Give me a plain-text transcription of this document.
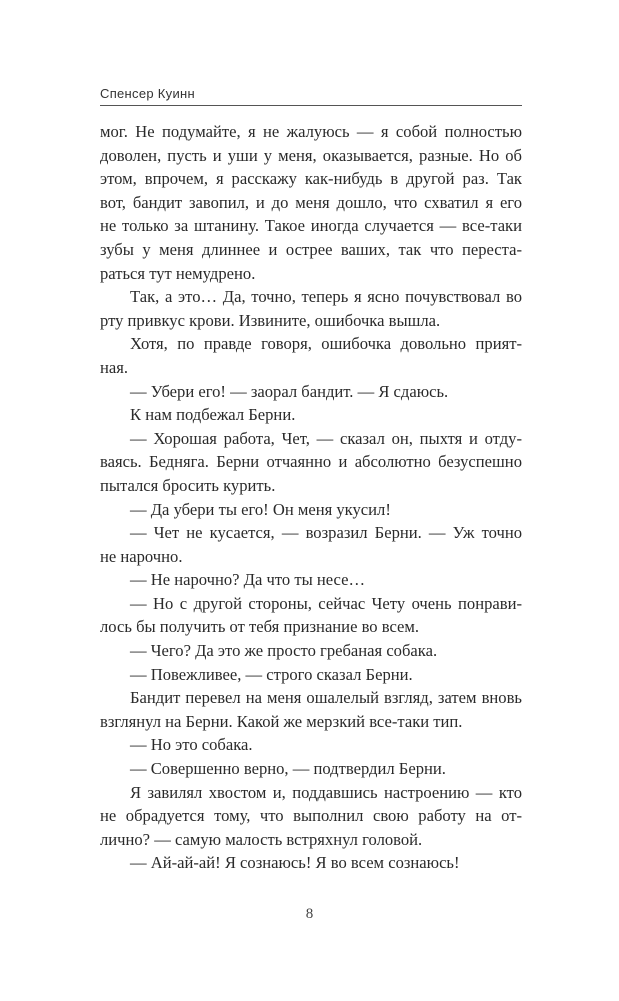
Спенсер Куинн
мог. Не подумайте, я не жалуюсь — я собой полностью
доволен, пусть и уши у меня, оказывается, разные. Но об
этом, впрочем, я расскажу как-нибудь в другой раз. Так
вот, бандит завопил, и до меня дошло, что схватил я его
не только за штанину. Такое иногда случается — все-таки
зубы у меня длиннее и острее ваших, так что переста-
раться тут немудрено.
Так, а это… Да, точно, теперь я ясно почувствовал во
рту привкус крови. Извините, ошибочка вышла.
Хотя, по правде говоря, ошибочка довольно прият-
ная.
— Убери его! — заорал бандит. — Я сдаюсь.
К нам подбежал Берни.
— Хорошая работа, Чет, — сказал он, пыхтя и отду-
ваясь. Бедняга. Берни отчаянно и абсолютно безуспешно
пытался бросить курить.
— Да убери ты его! Он меня укусил!
— Чет не кусается, — возразил Берни. — Уж точно
не нарочно.
— Не нарочно? Да что ты несе…
— Но с другой стороны, сейчас Чету очень понрави-
лось бы получить от тебя признание во всем.
— Чего? Да это же просто гребаная собака.
— Повежливее, — строго сказал Берни.
Бандит перевел на меня ошалелый взгляд, затем вновь
взглянул на Берни. Какой же мерзкий все-таки тип.
— Но это собака.
— Совершенно верно, — подтвердил Берни.
Я завилял хвостом и, поддавшись настроению — кто
не обрадуется тому, что выполнил свою работу на от-
лично? — самую малость встряхнул головой.
— Ай-ай-ай! Я сознаюсь! Я во всем сознаюсь!
8
